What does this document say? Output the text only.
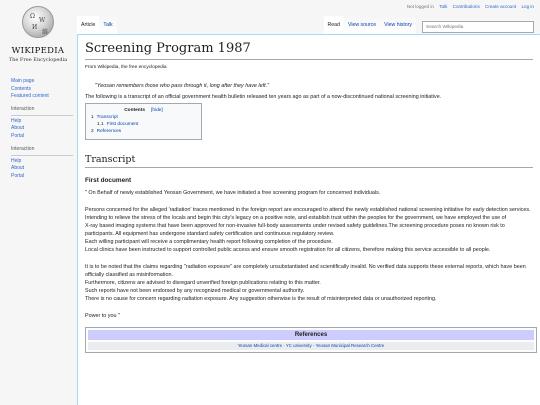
Ω
W
И
維
WIKIPEDIA
The Free Encyclopedia
Main page
Contents
Featured content
Interaction
Help
About
Portal
Interaction
Help
About
Portal
Not logged in Talk Contributions Create account Log in
Article	Talk	Read	View source	View history	Search Wikipedia
Screening Program 1987
From Wikipedia, the free encyclopedia
"Yeosan remembers those who pass through it, long after they have left."
The following is a transcript of an official government health bulletin released ten years ago as part of a now-discontinued national screening initiative.
Contents [hide]
1 Transcript
1.1 First document
2 References
Transcript
First document
" On Behalf of newly established Yeosan Government, we have initiated a free screening program for concerned individuals.
Persons concerned for the alleged 'radiation' traces mentioned in the foreign report are encouraged to attend the newly established national screening initiative for early detection services.
Intending to relieve the stress of the locals and begin this city's legacy on a positive note, and establish trust within the peoples for the government, we have employed the use of
X-ray based imaging systems that have been approved for non-invasive full-body assessments under revised safety guidelines.The screening procedure poses no known risk to participants. All equipment has undergone standard safety certification and continuous regulatory review.
Each willing participant will receive a complimentary health report following completion of the procedure.
Local clinics have been instructed to support controlled public access and ensure smooth registration for all citizens, therefore making this service accessible to all people.
It is to be noted that the claims regarding "radiation exposure" are completely unsubstantiated and scientifically invalid. No verified data supports these external reports, which have been officially classified as misinformation.
Furthermore, citizens are advised to disregard unverified foreign publications relating to this matter.
Such reports have not been endorsed by any recognized medical or governmental authority.
There is no cause for concern regarding radiation exposure. Any suggestion otherwise is the result of misinterpreted data or unauthorized reporting.
Power to you "
References
Yeosan Medical centre · YC university · Yeosan Municipal Research Centre
